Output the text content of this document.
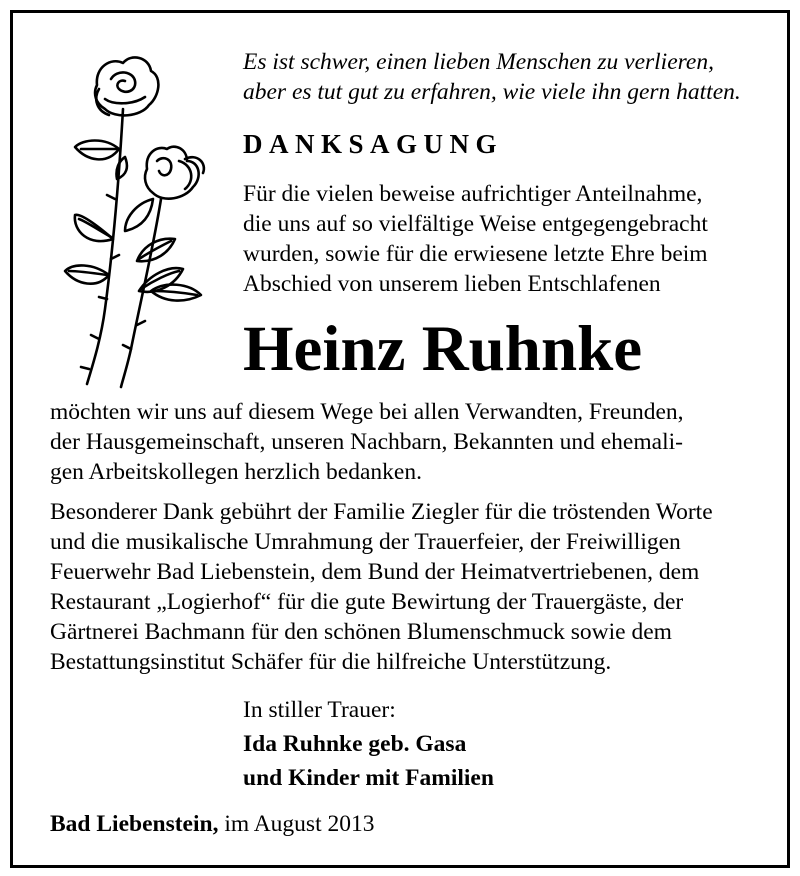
Es ist schwer, einen lieben Menschen zu verlieren,
aber es tut gut zu erfahren, wie viele ihn gern hatten.
DANKSAGUNG
Für die vielen beweise aufrichtiger Anteilnahme,
die uns auf so vielfältige Weise entgegengebracht
wurden, sowie für die erwiesene letzte Ehre beim
Abschied von unserem lieben Entschlafenen
Heinz Ruhnke
möchten wir uns auf diesem Wege bei allen Verwandten, Freunden,
der Hausgemeinschaft, unseren Nachbarn, Bekannten und ehemali-
gen Arbeitskollegen herzlich bedanken.
Besonderer Dank gebührt der Familie Ziegler für die tröstenden Worte
und die musikalische Umrahmung der Trauerfeier, der Freiwilligen
Feuerwehr Bad Liebenstein, dem Bund der Heimatvertriebenen, dem
Restaurant „Logierhof“ für die gute Bewirtung der Trauergäste, der
Gärtnerei Bachmann für den schönen Blumenschmuck sowie dem
Bestattungsinstitut Schäfer für die hilfreiche Unterstützung.
In stiller Trauer:
Ida Ruhnke geb. Gasa
und Kinder mit Familien
Bad Liebenstein, im August 2013
